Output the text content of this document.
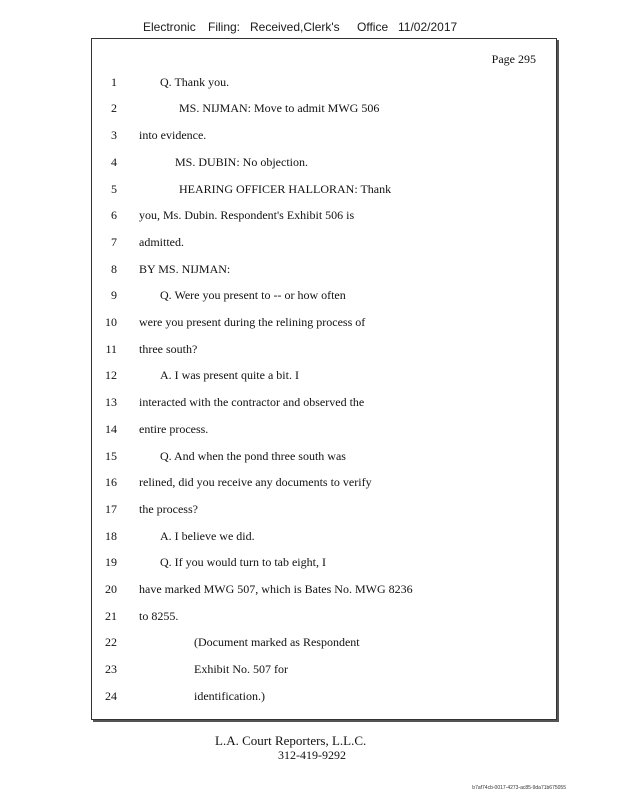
Electronic Filing: Received,Clerk's Office 11/02/2017
Page 295
1	Q. Thank you.
2	MS. NIJMAN: Move to admit MWG 506
3 into evidence.
4	MS. DUBIN: No objection.
5	HEARING OFFICER HALLORAN: Thank
6 you, Ms. Dubin. Respondent's Exhibit 506 is
7 admitted.
8 BY MS. NIJMAN:
9	Q. Were you present to -- or how often
10 were you present during the relining process of
11 three south?
12	A. I was present quite a bit. I
13 interacted with the contractor and observed the
14 entire process.
15	Q. And when the pond three south was
16 relined, did you receive any documents to verify
17 the process?
18	A. I believe we did.
19	Q. If you would turn to tab eight, I
20 have marked MWG 507, which is Bates No. MWG 8236
21 to 8255.
22	(Document marked as Respondent
23	Exhibit No. 507 for
24	identification.)
L.A. Court Reporters, L.L.C.
312-419-9292
b7af74cb-0017-4273-ac85-9da71b675055
